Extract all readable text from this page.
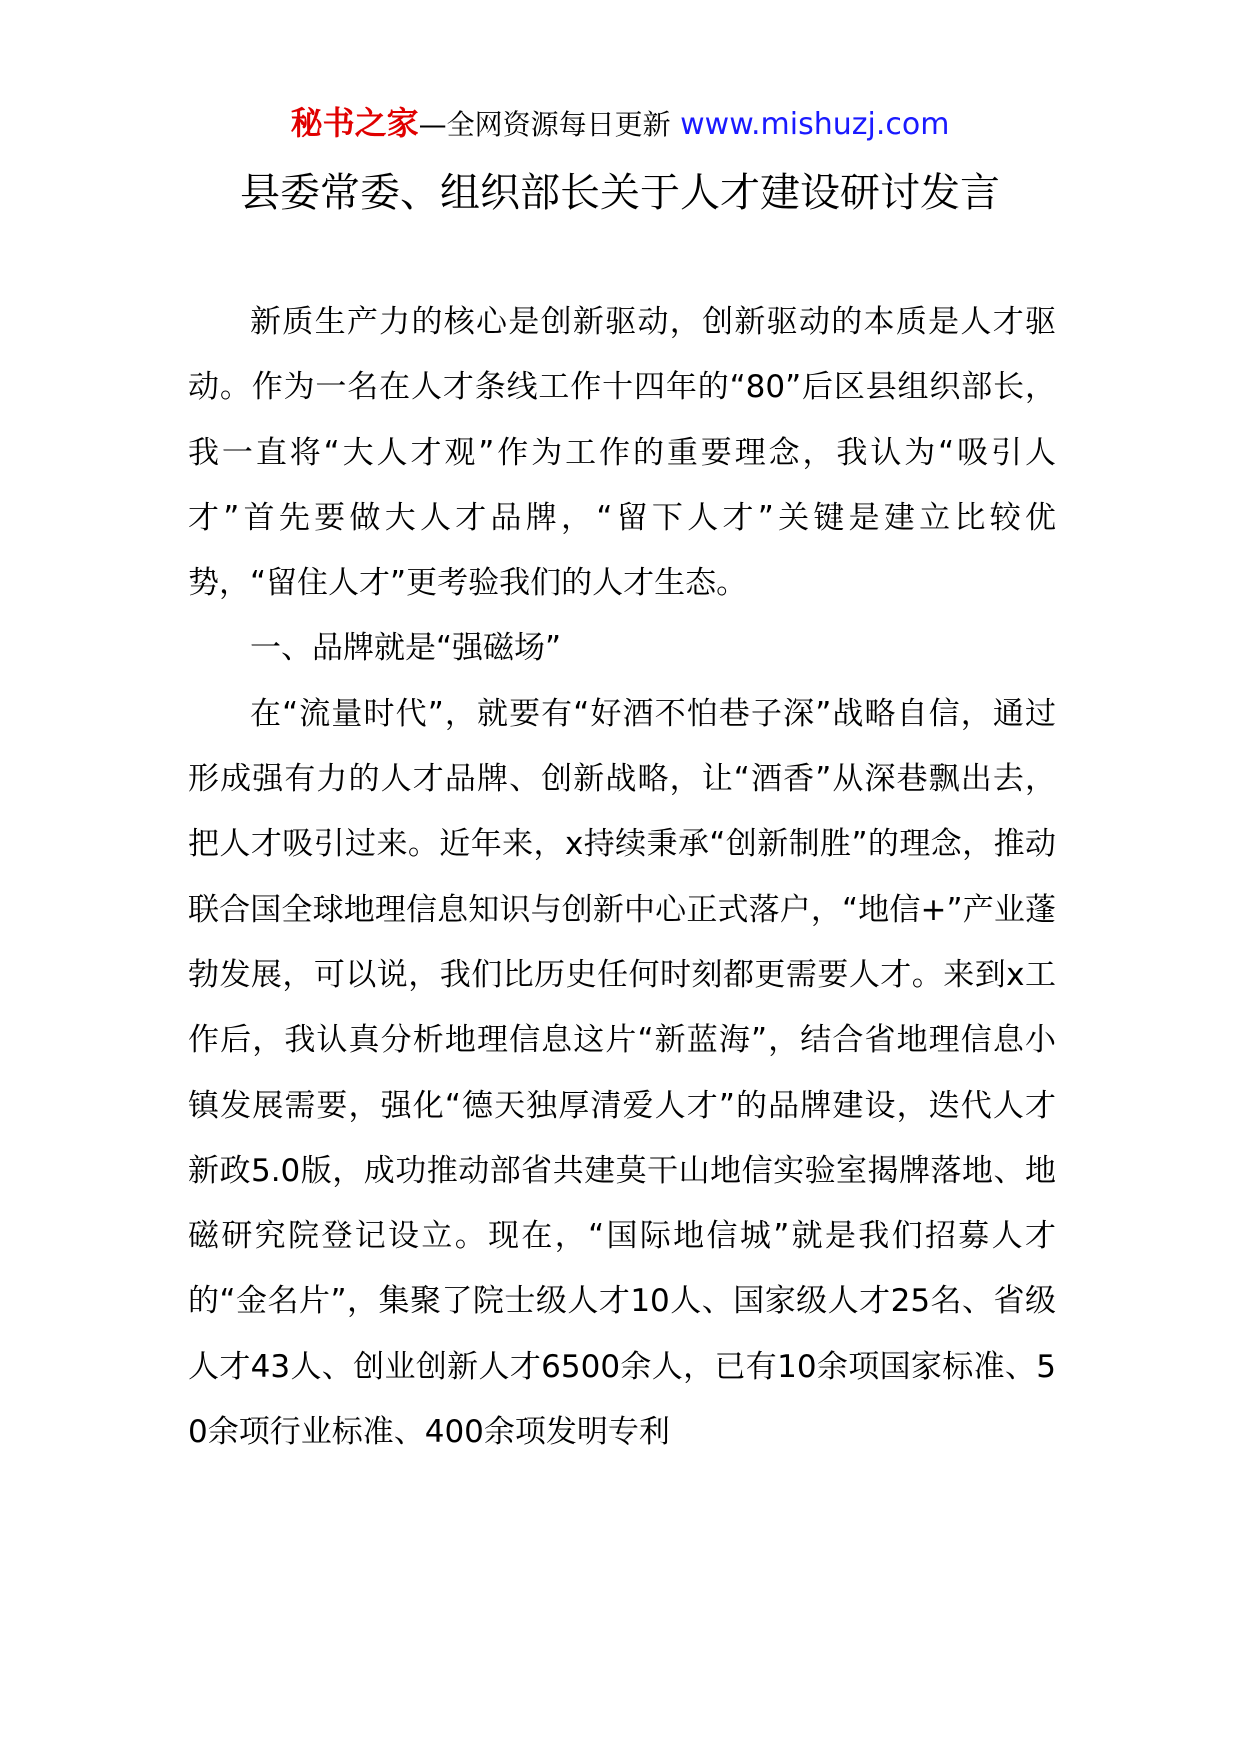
秘书之家—全网资源每日更新 www.mishuzj.com
县委常委、组织部长关于人才建设研讨发言

新质生产力的核心是创新驱动，创新驱动的本质是人才驱动。作为一名在人才条线工作十四年的“80”后区县组织部长，我一直将“大人才观”作为工作的重要理念，我认为“吸引人才”首先要做大人才品牌，“留下人才”关键是建立比较优势，“留住人才”更考验我们的人才生态。

一、品牌就是“强磁场”

在“流量时代”，就要有“好酒不怕巷子深”战略自信，通过形成强有力的人才品牌、创新战略，让“酒香”从深巷飘出去，把人才吸引过来。近年来，x持续秉承“创新制胜”的理念，推动联合国全球地理信息知识与创新中心正式落户，“地信+”产业蓬勃发展，可以说，我们比历史任何时刻都更需要人才。来到x工作后，我认真分析地理信息这片“新蓝海”，结合省地理信息小镇发展需要，强化“德天独厚清爱人才”的品牌建设，迭代人才新政5.0版，成功推动部省共建莫干山地信实验室揭牌落地、地磁研究院登记设立。现在，“国际地信城”就是我们招募人才的“金名片”，集聚了院士级人才10人、国家级人才25名、省级人才43人、创业创新人才6500余人，已有10余项国家标准、50余项行业标准、400余项发明专利
